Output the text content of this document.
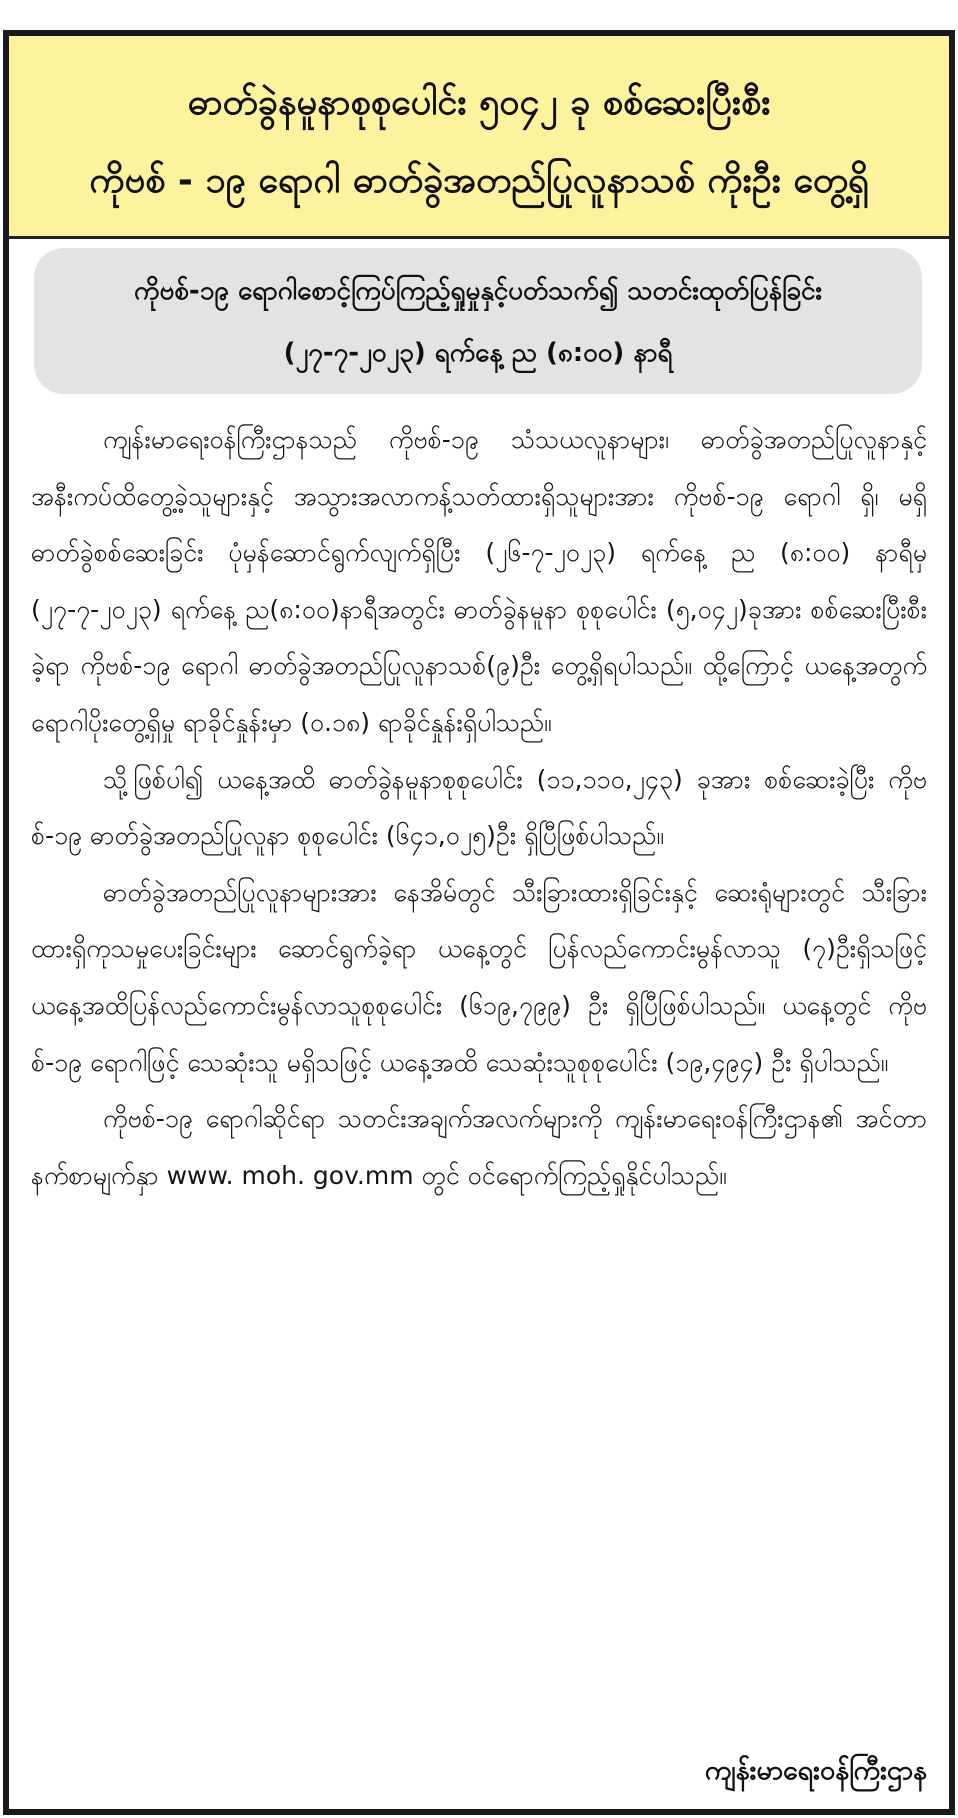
ဓာတ်ခွဲနမူနာစုစုပေါင်း ၅၀၄၂ ခု စစ်ဆေးပြီးစီး
ကိုဗစ် - ၁၉ ရောဂါ ဓာတ်ခွဲအတည်ပြုလူနာသစ် ကိုးဦး တွေ့ရှိ
ကိုဗစ်-၁၉ ရောဂါစောင့်ကြပ်ကြည့်ရှုမှုနှင့်ပတ်သက်၍ သတင်းထုတ်ပြန်ခြင်း
(၂၇-၇-၂၀၂၃) ရက်နေ့ ည (၈:၀၀) နာရီ

ကျန်းမာရေးဝန်ကြီးဌာနသည် ကိုဗစ်-၁၉ သံသယလူနာများ၊ ဓာတ်ခွဲအတည်ပြုလူနာနှင့် အနီးကပ်ထိတွေ့ခဲ့သူများနှင့် အသွားအလာကန့်သတ်ထားရှိသူများအား ကိုဗစ်-၁၉ ရောဂါ ရှိ၊ မရှိ ဓာတ်ခွဲစစ်ဆေးခြင်း ပုံမှန်ဆောင်ရွက်လျက်ရှိပြီး (၂၆-၇-၂၀၂၃) ရက်နေ့ ည (၈:၀၀) နာရီမှ (၂၇-၇-၂၀၂၃) ရက်နေ့ ည(၈:၀၀)နာရီအတွင်း ဓာတ်ခွဲနမူနာ စုစုပေါင်း (၅,၀၄၂)ခုအား စစ်ဆေးပြီးစီးခဲ့ရာ ကိုဗစ်-၁၉ ရောဂါ ဓာတ်ခွဲအတည်ပြုလူနာသစ်(၉)ဦး တွေ့ရှိရပါသည်။ ထို့ကြောင့် ယနေ့အတွက် ရောဂါပိုးတွေ့ရှိမှု ရာခိုင်နှုန်းမှာ (၀.၁၈) ရာခိုင်နှုန်းရှိပါသည်။

သို့ဖြစ်ပါ၍ ယနေ့အထိ ဓာတ်ခွဲနမူနာစုစုပေါင်း (၁၁,၁၁၀,၂၄၃) ခုအား စစ်ဆေးခဲ့ပြီး ကိုဗစ်-၁၉ ဓာတ်ခွဲအတည်ပြုလူနာ စုစုပေါင်း (၆၄၁,၀၂၅)ဦး ရှိပြီဖြစ်ပါသည်။

ဓာတ်ခွဲအတည်ပြုလူနာများအား နေအိမ်တွင် သီးခြားထားရှိခြင်းနှင့် ဆေးရုံများတွင် သီးခြားထားရှိကုသမှုပေးခြင်းများ ဆောင်ရွက်ခဲ့ရာ ယနေ့တွင် ပြန်လည်ကောင်းမွန်လာသူ (၇)ဦးရှိသဖြင့် ယနေ့အထိပြန်လည်ကောင်းမွန်လာသူစုစုပေါင်း (၆၁၉,၇၉၉) ဦး ရှိပြီဖြစ်ပါသည်။ ယနေ့တွင် ကိုဗစ်-၁၉ ရောဂါဖြင့် သေဆုံးသူ မရှိသဖြင့် ယနေ့အထိ သေဆုံးသူစုစုပေါင်း (၁၉,၄၉၄) ဦး ရှိပါသည်။

ကိုဗစ်-၁၉ ရောဂါဆိုင်ရာ သတင်းအချက်အလက်များကို ကျန်းမာရေးဝန်ကြီးဌာန၏ အင်တာနက်စာမျက်နှာ www. moh. gov.mm တွင် ဝင်ရောက်ကြည့်ရှုနိုင်ပါသည်။

ကျန်းမာရေးဝန်ကြီးဌာန
